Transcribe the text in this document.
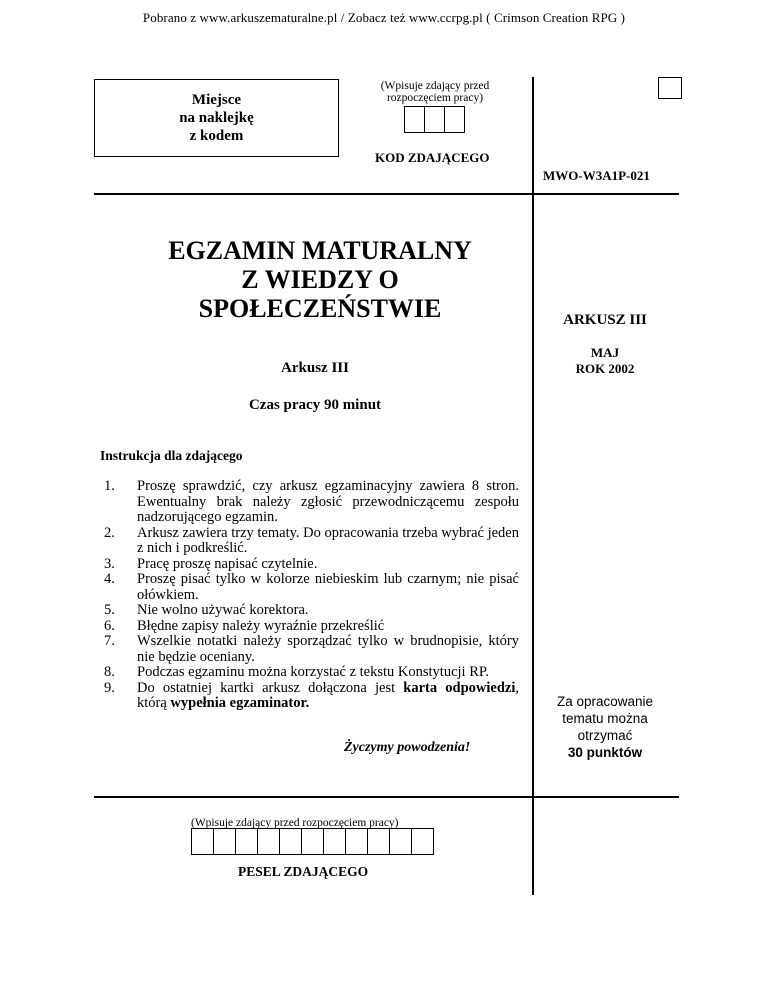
Pobrano z www.arkuszematuralne.pl / Zobacz też www.ccrpg.pl ( Crimson Creation RPG )
Miejsce
na naklejkę
z kodem
(Wpisuje zdający przed
rozpoczęciem pracy)
KOD ZDAJĄCEGO
MWO-W3A1P-021
EGZAMIN MATURALNY
Z WIEDZY O
SPOŁECZEŃSTWIE	ARKUSZ III
MAJ
ROK 2002
Arkusz III
Czas pracy 90 minut
Instrukcja dla zdającego
1. Proszę sprawdzić, czy arkusz egzaminacyjny zawiera 8 stron. Ewentualny brak należy zgłosić przewodniczącemu zespołu nadzorującego egzamin.
2. Arkusz zawiera trzy tematy. Do opracowania trzeba wybrać jeden z nich i podkreślić.
3. Pracę proszę napisać czytelnie.
4. Proszę pisać tylko w kolorze niebieskim lub czarnym; nie pisać ołówkiem.
5. Nie wolno używać korektora.
6. Błędne zapisy należy wyraźnie przekreślić
7. Wszelkie notatki należy sporządzać tylko w brudnopisie, który nie będzie oceniany.
8. Podczas egzaminu można korzystać z tekstu Konstytucji RP.
9. Do ostatniej kartki arkusz dołączona jest karta odpowiedzi, którą wypełnia egzaminator.
Życzymy powodzenia!
Za opracowanie
tematu można
otrzymać
30 punktów
(Wpisuje zdający przed rozpoczęciem pracy)
PESEL ZDAJĄCEGO
